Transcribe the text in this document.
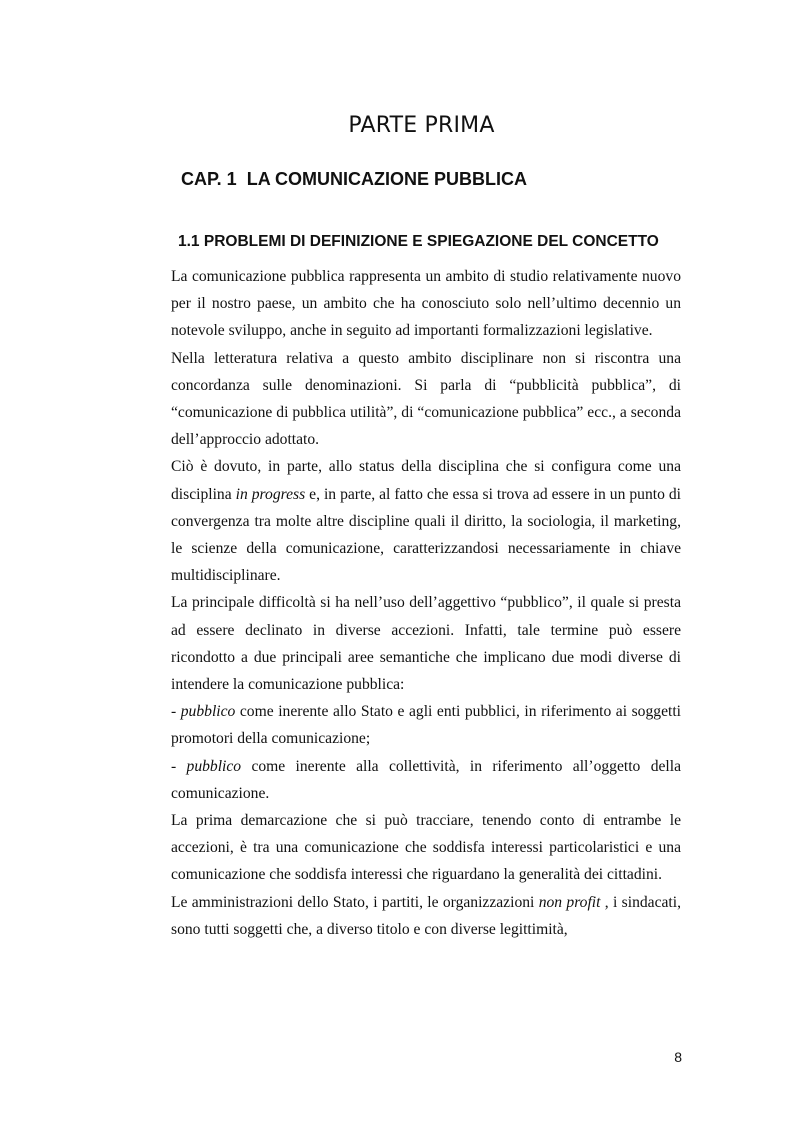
PARTE PRIMA
CAP. 1  LA COMUNICAZIONE PUBBLICA
1.1 PROBLEMI DI DEFINIZIONE E SPIEGAZIONE DEL CONCETTO

La comunicazione pubblica rappresenta un ambito di studio relativamente nuovo per il nostro paese, un ambito che ha conosciuto solo nell’ultimo decennio un notevole sviluppo, anche in seguito ad importanti formalizzazioni legislative.

Nella letteratura relativa a questo ambito disciplinare non si riscontra una concordanza sulle denominazioni. Si parla di “pubblicità pubblica”, di “comunicazione di pubblica utilità”, di “comunicazione pubblica” ecc., a seconda dell’approccio adottato.

Ciò è dovuto, in parte, allo status della disciplina che si configura come una disciplina in progress e, in parte, al fatto che essa si trova ad essere in un punto di convergenza tra molte altre discipline quali il diritto, la sociologia, il marketing, le scienze della comunicazione, caratterizzandosi necessariamente in chiave multidisciplinare.

La principale difficoltà si ha nell’uso dell’aggettivo “pubblico”, il quale si presta ad essere declinato in diverse accezioni. Infatti, tale termine può essere ricondotto a due principali aree semantiche che implicano due modi diverse di intendere la comunicazione pubblica:

- pubblico come inerente allo Stato e agli enti pubblici, in riferimento ai soggetti promotori della comunicazione;

- pubblico come inerente alla collettività, in riferimento all’oggetto della comunicazione.

La prima demarcazione che si può tracciare, tenendo conto di entrambe le accezioni, è tra una comunicazione che soddisfa interessi particolaristici e una comunicazione che soddisfa interessi che riguardano la generalità dei cittadini.

Le amministrazioni dello Stato, i partiti, le organizzazioni non profit , i sindacati, sono tutti soggetti che, a diverso titolo e con diverse legittimità,

8
